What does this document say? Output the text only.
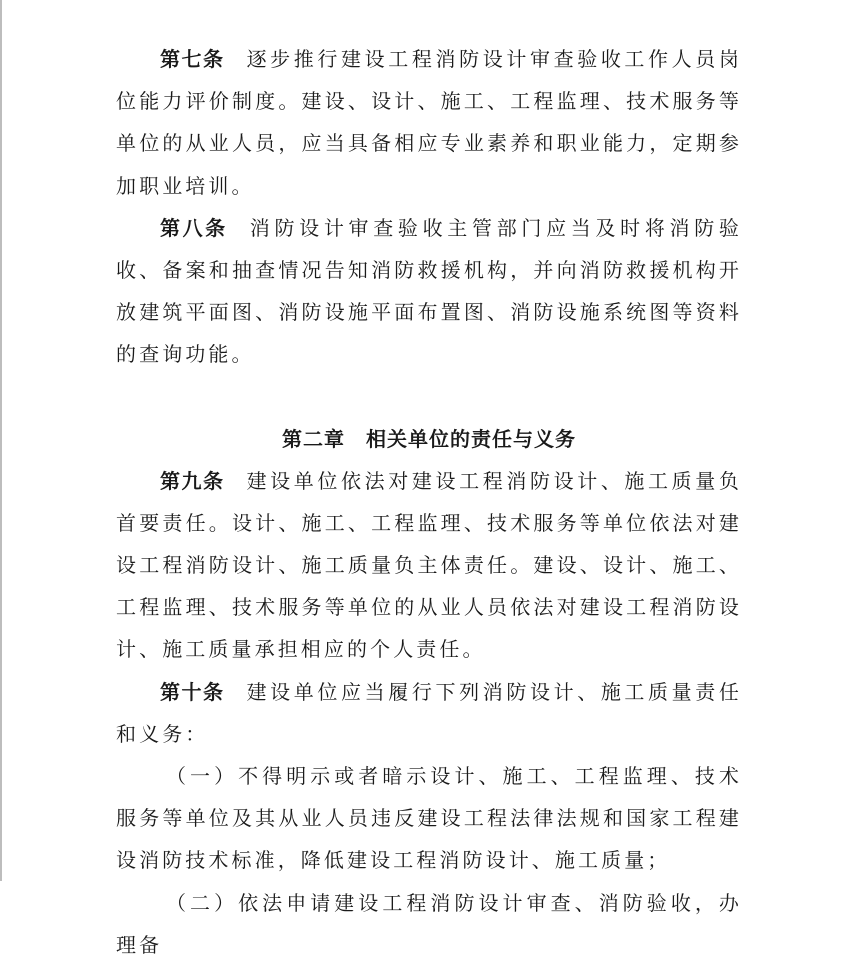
第七条 逐步推行建设工程消防设计审查验收工作人员岗位能力评价制度。建设、设计、施工、工程监理、技术服务等单位的从业人员，应当具备相应专业素养和职业能力，定期参加职业培训。

第八条 消防设计审查验收主管部门应当及时将消防验收、备案和抽查情况告知消防救援机构，并向消防救援机构开放建筑平面图、消防设施平面布置图、消防设施系统图等资料的查询功能。

第二章　相关单位的责任与义务

第九条 建设单位依法对建设工程消防设计、施工质量负首要责任。设计、施工、工程监理、技术服务等单位依法对建设工程消防设计、施工质量负主体责任。建设、设计、施工、工程监理、技术服务等单位的从业人员依法对建设工程消防设计、施工质量承担相应的个人责任。

第十条 建设单位应当履行下列消防设计、施工质量责任和义务：

（一）不得明示或者暗示设计、施工、工程监理、技术服务等单位及其从业人员违反建设工程法律法规和国家工程建设消防技术标准，降低建设工程消防设计、施工质量；

（二）依法申请建设工程消防设计审查、消防验收，办理备
